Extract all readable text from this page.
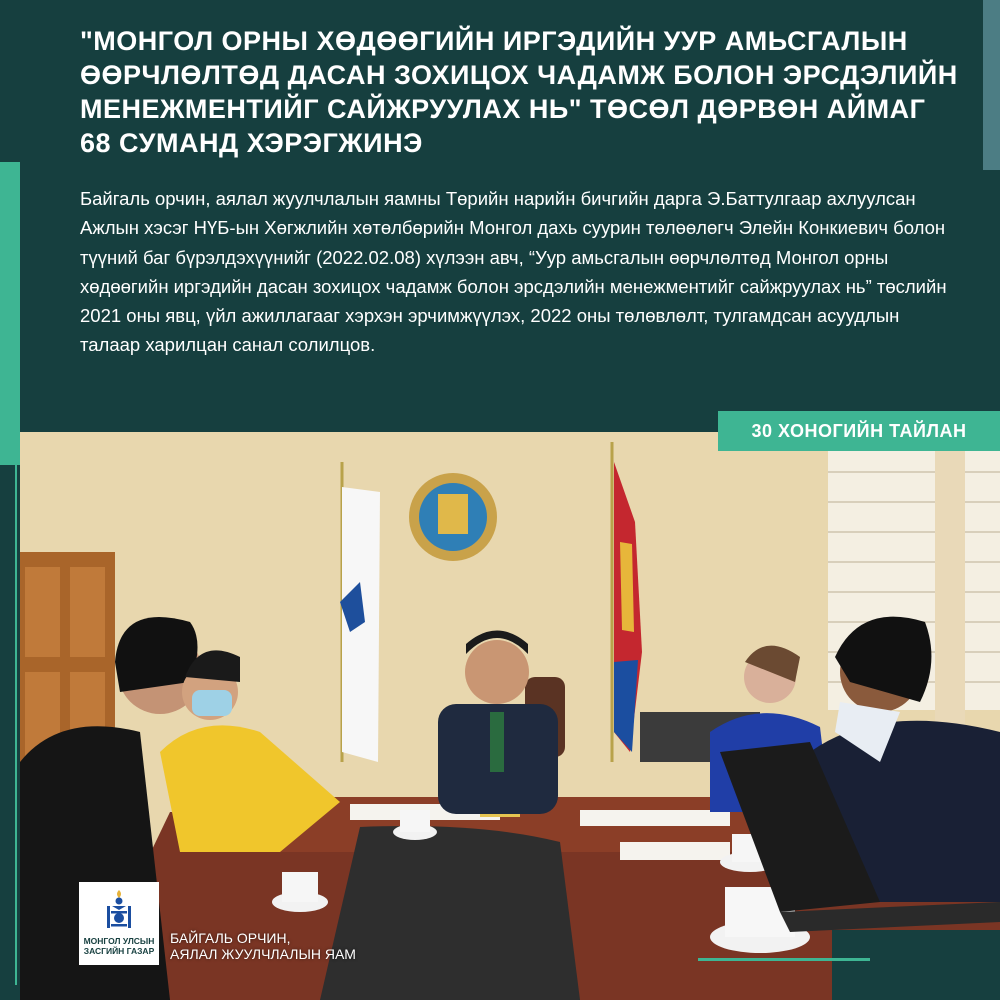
"МОНГОЛ ОРНЫ ХӨДӨӨГИЙН ИРГЭДИЙН УУР АМЬСГАЛЫН ӨӨРЧЛӨЛТӨД ДАСАН ЗОХИЦОХ ЧАДАМЖ БОЛОН ЭРСДЭЛИЙН МЕНЕЖМЕНТИЙГ САЙЖРУУЛАХ НЬ" ТӨСӨЛ ДӨРВӨН АЙМАГ 68 СУМАНД ХЭРЭГЖИНЭ
Байгаль орчин, аялал жуулчлалын яамны Төрийн нарийн бичгийн дарга Э.Баттулгаар ахлуулсан Ажлын хэсэг НҮБ-ын Хөгжлийн хөтөлбөрийн Монгол дахь суурин төлөөлөгч Элейн Конкиевич болон түүний баг бүрэлдэхүүнийг (2022.02.08) хүлээн авч, “Уур амьсгалын өөрчлөлтөд Монгол орны хөдөөгийн иргэдийн дасан зохицох чадамж болон эрсдэлийн менежментийг сайжруулах нь” төслийн 2021 оны явц, үйл ажиллагааг хэрхэн эрчимжүүлэх, 2022 оны төлөвлөлт, тулгамдсан асуудлын талаар харилцан санал солилцов.
30 ХОНОГИЙН ТАЙЛАН
МОНГОЛ УЛСЫН ЗАСГИЙН ГАЗАР
БАЙГАЛЬ ОРЧИН,
АЯЛАЛ ЖУУЛЧЛАЛЫН ЯАМ
